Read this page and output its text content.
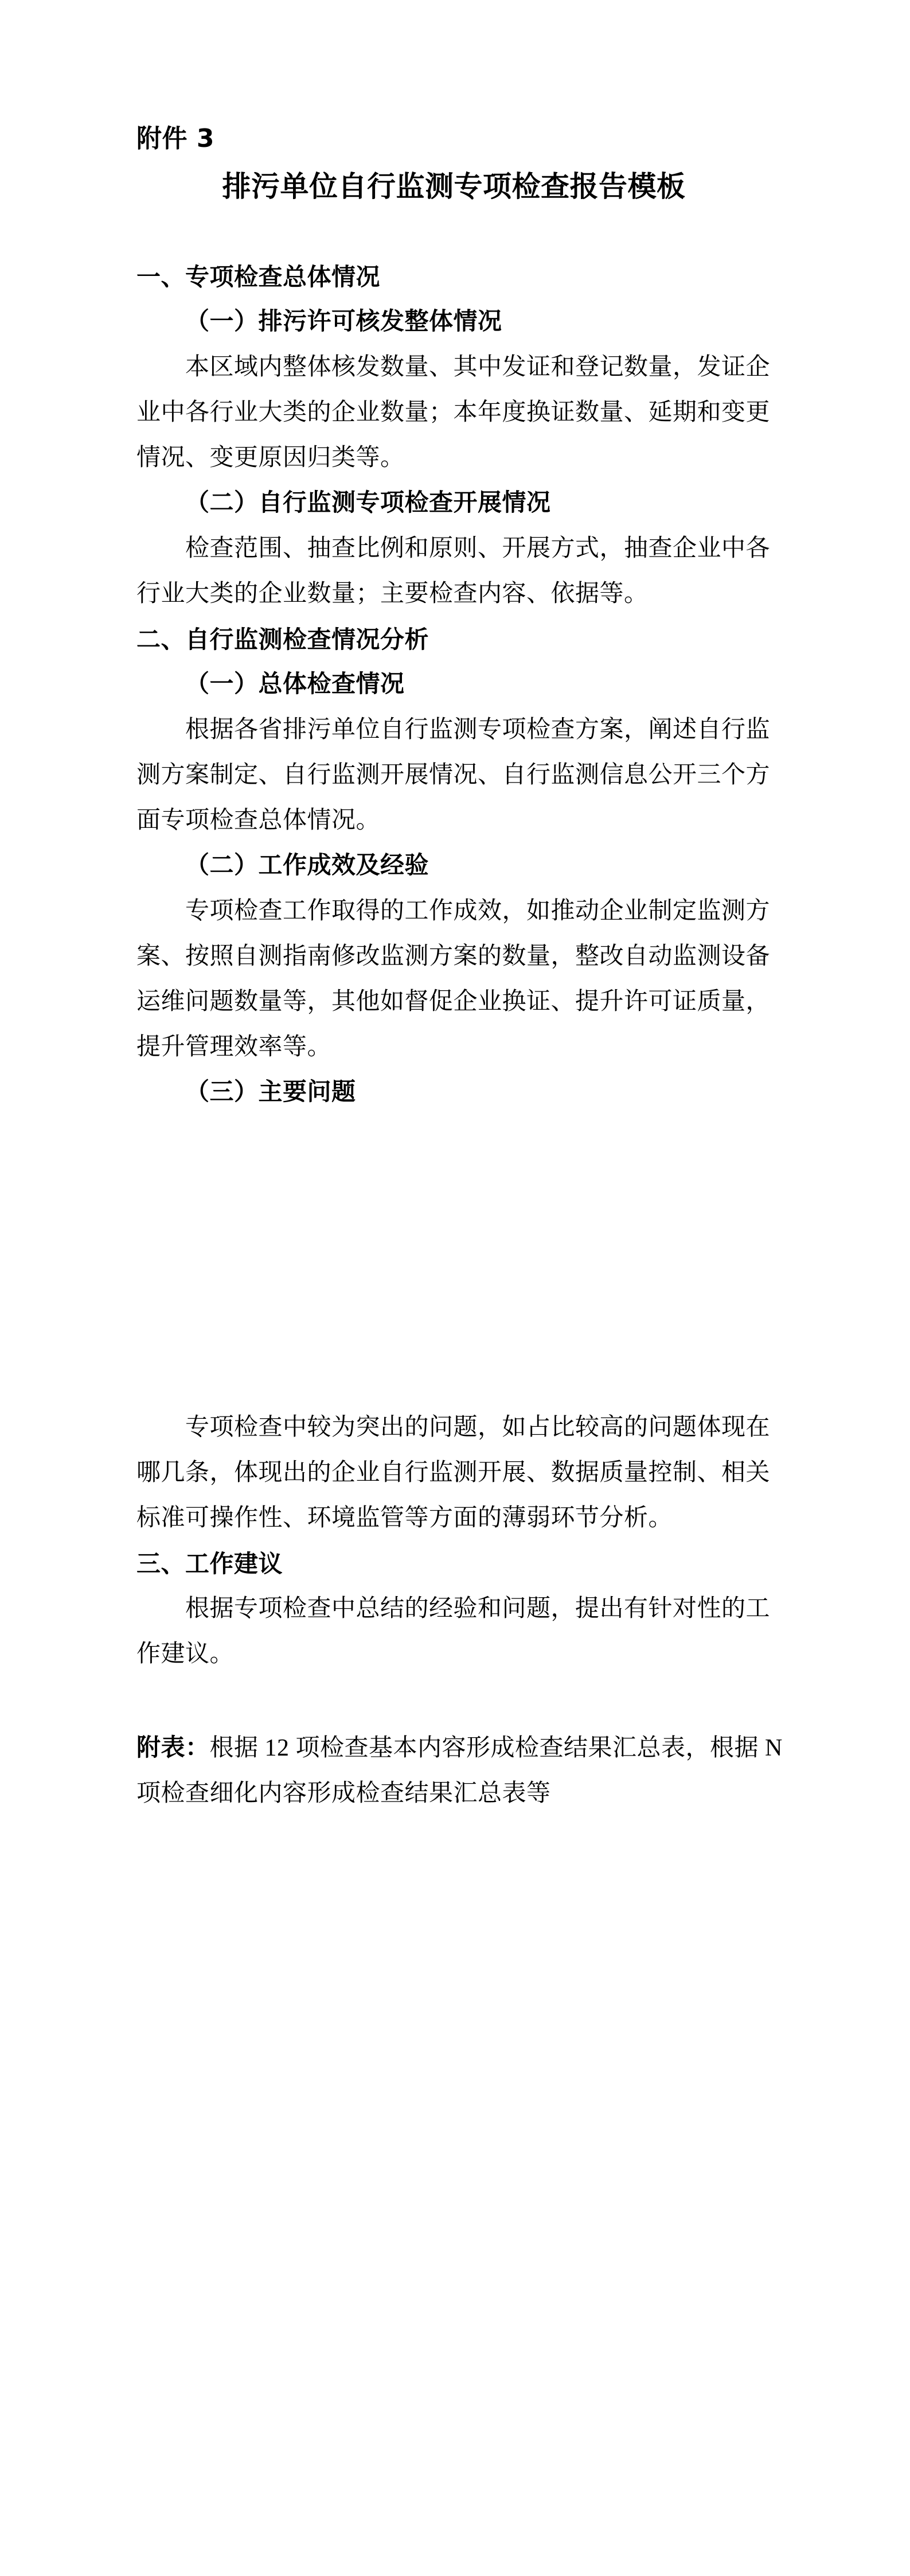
附件 3
排污单位自行监测专项检查报告模板
一、专项检查总体情况
（一）排污许可核发整体情况
本区域内整体核发数量、其中发证和登记数量，发证企
业中各行业大类的企业数量；本年度换证数量、延期和变更
情况、变更原因归类等。
（二）自行监测专项检查开展情况
检查范围、抽查比例和原则、开展方式，抽查企业中各
行业大类的企业数量；主要检查内容、依据等。
二、自行监测检查情况分析
（一）总体检查情况
根据各省排污单位自行监测专项检查方案，阐述自行监
测方案制定、自行监测开展情况、自行监测信息公开三个方
面专项检查总体情况。
（二）工作成效及经验
专项检查工作取得的工作成效，如推动企业制定监测方
案、按照自测指南修改监测方案的数量，整改自动监测设备
运维问题数量等，其他如督促企业换证、提升许可证质量，
提升管理效率等。
（三）主要问题
专项检查中较为突出的问题，如占比较高的问题体现在
哪几条，体现出的企业自行监测开展、数据质量控制、相关
标准可操作性、环境监管等方面的薄弱环节分析。
三、工作建议
根据专项检查中总结的经验和问题，提出有针对性的工
作建议。
附表：根据 12 项检查基本内容形成检查结果汇总表，根据 N
项检查细化内容形成检查结果汇总表等
